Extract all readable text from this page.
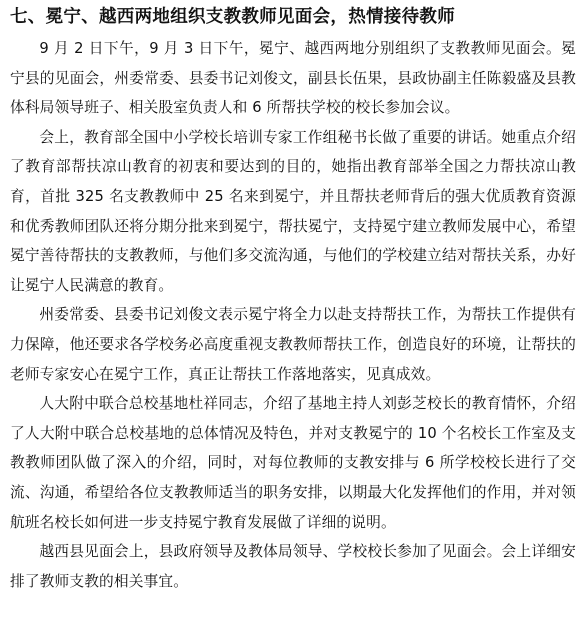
七、冕宁、越西两地组织支教教师见面会，热情接待教师

9 月 2 日下午，9 月 3 日下午，冕宁、越西两地分别组织了支教教师见面会。冕宁县的见面会，州委常委、县委书记刘俊文，副县长伍果，县政协副主任陈毅盛及县教体科局领导班子、相关股室负责人和 6 所帮扶学校的校长参加会议。

会上，教育部全国中小学校长培训专家工作组秘书长做了重要的讲话。她重点介绍了教育部帮扶凉山教育的初衷和要达到的目的，她指出教育部举全国之力帮扶凉山教育，首批 325 名支教教师中 25 名来到冕宁，并且帮扶老师背后的强大优质教育资源和优秀教师团队还将分期分批来到冕宁，帮扶冕宁，支持冕宁建立教师发展中心，希望冕宁善待帮扶的支教教师，与他们多交流沟通，与他们的学校建立结对帮扶关系，办好让冕宁人民满意的教育。

州委常委、县委书记刘俊文表示冕宁将全力以赴支持帮扶工作，为帮扶工作提供有力保障，他还要求各学校务必高度重视支教教师帮扶工作，创造良好的环境，让帮扶的老师专家安心在冕宁工作，真正让帮扶工作落地落实，见真成效。

人大附中联合总校基地杜祥同志，介绍了基地主持人刘彭芝校长的教育情怀，介绍了人大附中联合总校基地的总体情况及特色，并对支教冕宁的 10 个名校长工作室及支教教师团队做了深入的介绍，同时，对每位教师的支教安排与 6 所学校校长进行了交流、沟通，希望给各位支教教师适当的职务安排，以期最大化发挥他们的作用，并对领航班名校长如何进一步支持冕宁教育发展做了详细的说明。

越西县见面会上，县政府领导及教体局领导、学校校长参加了见面会。会上详细安排了教师支教的相关事宜。
